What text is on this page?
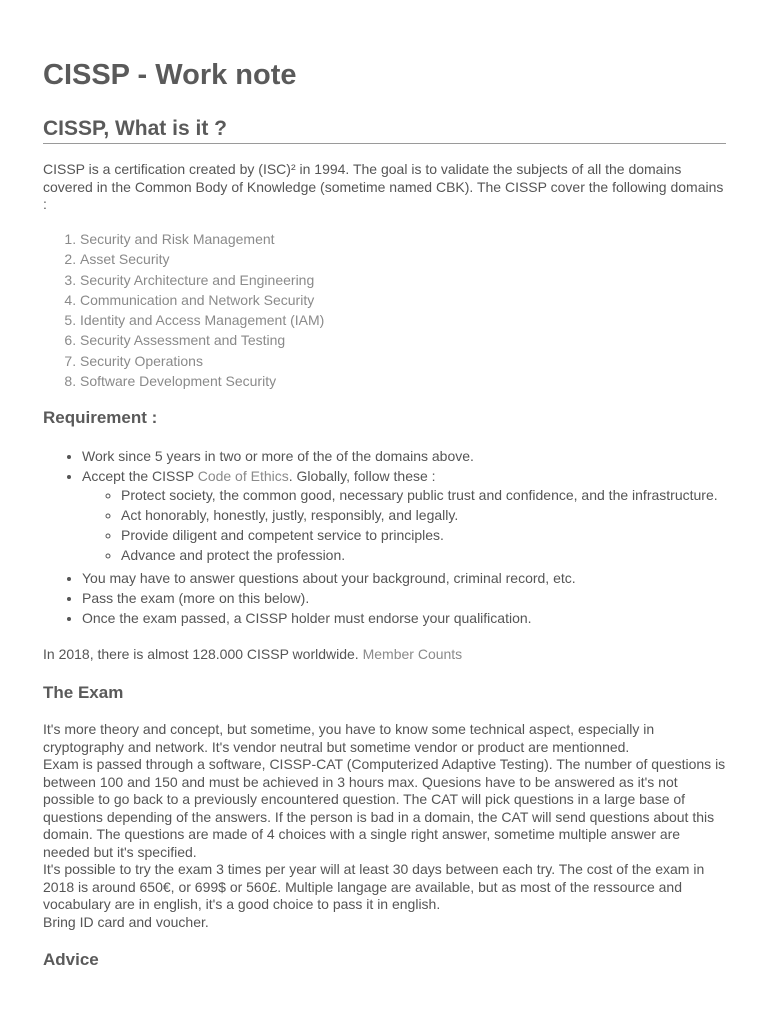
CISSP - Work note
CISSP, What is it ?

CISSP is a certification created by (ISC)² in 1994. The goal is to validate the subjects of all the domains covered in the Common Body of Knowledge (sometime named CBK). The CISSP cover the following domains :

1. Security and Risk Management
2. Asset Security
3. Security Architecture and Engineering
4. Communication and Network Security
5. Identity and Access Management (IAM)
6. Security Assessment and Testing
7. Security Operations
8. Software Development Security
Requirement :
• Work since 5 years in two or more of the of the domains above.
• Accept the CISSP Code of Ethics. Globally, follow these :
◦ Protect society, the common good, necessary public trust and confidence, and the infrastructure.
◦ Act honorably, honestly, justly, responsibly, and legally.
◦ Provide diligent and competent service to principles.
◦ Advance and protect the profession.
• You may have to answer questions about your background, criminal record, etc.
• Pass the exam (more on this below).
• Once the exam passed, a CISSP holder must endorse your qualification.

In 2018, there is almost 128.000 CISSP worldwide. Member Counts

The Exam

It's more theory and concept, but sometime, you have to know some technical aspect, especially in cryptography and network. It's vendor neutral but sometime vendor or product are mentionned.

Exam is passed through a software, CISSP-CAT (Computerized Adaptive Testing). The number of questions is between 100 and 150 and must be achieved in 3 hours max. Quesions have to be answered as it's not possible to go back to a previously encountered question. The CAT will pick questions in a large base of questions depending of the answers. If the person is bad in a domain, the CAT will send questions about this domain. The questions are made of 4 choices with a single right answer, sometime multiple answer are needed but it's specified.

It's possible to try the exam 3 times per year will at least 30 days between each try. The cost of the exam in 2018 is around 650€, or 699$ or 560£. Multiple langage are available, but as most of the ressource and vocabulary are in english, it's a good choice to pass it in english.

Bring ID card and voucher.

Advice
